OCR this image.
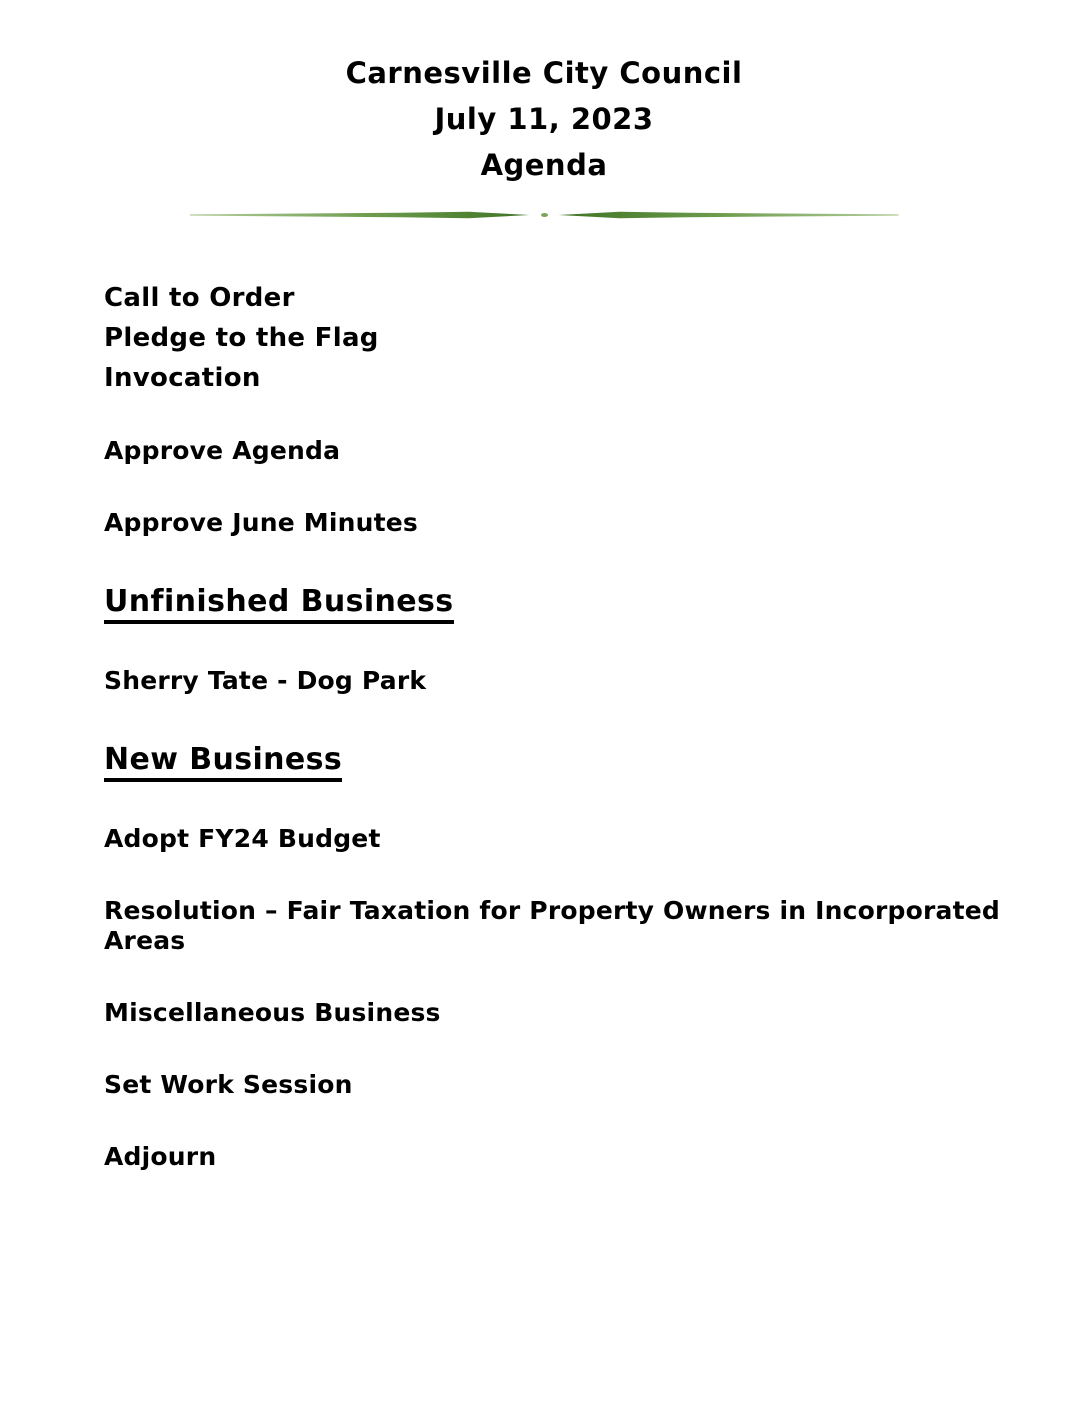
Carnesville City Council
July 11, 2023
Agenda

Call to Order

Pledge to the Flag

Invocation

Approve Agenda

Approve June Minutes

Unfinished Business

Sherry Tate - Dog Park

New Business

Adopt FY24 Budget

Resolution – Fair Taxation for Property Owners in Incorporated Areas

Miscellaneous Business

Set Work Session

Adjourn
